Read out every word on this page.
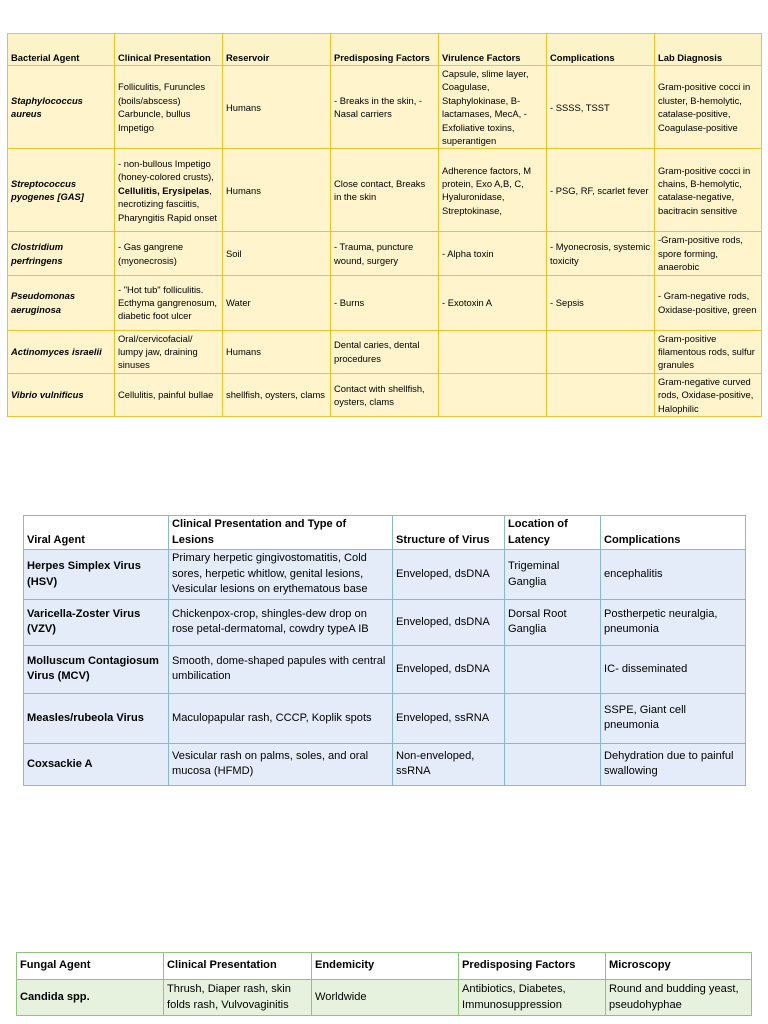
Bacterial Agent	Clinical Presentation	Reservoir	Predisposing Factors	Virulence Factors	Complications	Lab Diagnosis
Staphylococcus aureus	Folliculitis, Furuncles (boils/abscess) Carbuncle, bullus Impetigo	Humans	- Breaks in the skin, - Nasal carriers	Capsule, slime layer, Coagulase, Staphylokinase, B-lactamases, MecA, - Exfoliative toxins, superantigen	- SSSS, TSST	Gram-positive cocci in cluster, B-hemolytic, catalase-positive, Coagulase-positive
Streptococcus pyogenes [GAS]	- non-bullous Impetigo (honey-colored crusts), Cellulitis, Erysipelas, necrotizing fasciitis, Pharyngitis Rapid onset	Humans	Close contact, Breaks in the skin	Adherence factors, M protein, Exo A,B, C, Hyaluronidase, Streptokinase,	- PSG, RF, scarlet fever	Gram-positive cocci in chains, B-hemolytic, catalase-negative, bacitracin sensitive
Clostridium perfringens	- Gas gangrene (myonecrosis)	Soil	- Trauma, puncture wound, surgery	- Alpha toxin	- Myonecrosis, systemic toxicity	-Gram-positive rods, spore forming, anaerobic
Pseudomonas aeruginosa	- "Hot tub" folliculitis. Ecthyma gangrenosum, diabetic foot ulcer	Water	- Burns	- Exotoxin A	- Sepsis	- Gram-negative rods, Oxidase-positive, green
Actinomyces israelii	Oral/cervicofacial/ lumpy jaw, draining sinuses	Humans	Dental caries, dental procedures			Gram-positive filamentous rods, sulfur granules
Vibrio vulnificus	Cellulitis, painful bullae	shellfish, oysters, clams	Contact with shellfish, oysters, clams			Gram-negative curved rods, Oxidase-positive, Halophilic
Viral Agent	Clinical Presentation and Type of Lesions	Structure of Virus	Location of Latency	Complications
Herpes Simplex Virus (HSV)	Primary herpetic gingivostomatitis, Cold sores, herpetic whitlow, genital lesions, Vesicular lesions on erythematous base	Enveloped, dsDNA	Trigeminal Ganglia	encephalitis
Varicella-Zoster Virus (VZV)	Chickenpox-crop, shingles-dew drop on rose petal-dermatomal, cowdry typeA IB	Enveloped, dsDNA	Dorsal Root Ganglia	Postherpetic neuralgia, pneumonia
Molluscum Contagiosum Virus (MCV)	Smooth, dome-shaped papules with central umbilication	Enveloped, dsDNA		IC- disseminated
Measles/rubeola Virus	Maculopapular rash, CCCP, Koplik spots	Enveloped, ssRNA		SSPE, Giant cell pneumonia
Coxsackie A	Vesicular rash on palms, soles, and oral mucosa (HFMD)	Non-enveloped, ssRNA		Dehydration due to painful swallowing
Fungal Agent	Clinical Presentation	Endemicity	Predisposing Factors	Microscopy
Candida spp.	Thrush, Diaper rash, skin folds rash, Vulvovaginitis	Worldwide	Antibiotics, Diabetes, Immunosuppression	Round and budding yeast, pseudohyphae
